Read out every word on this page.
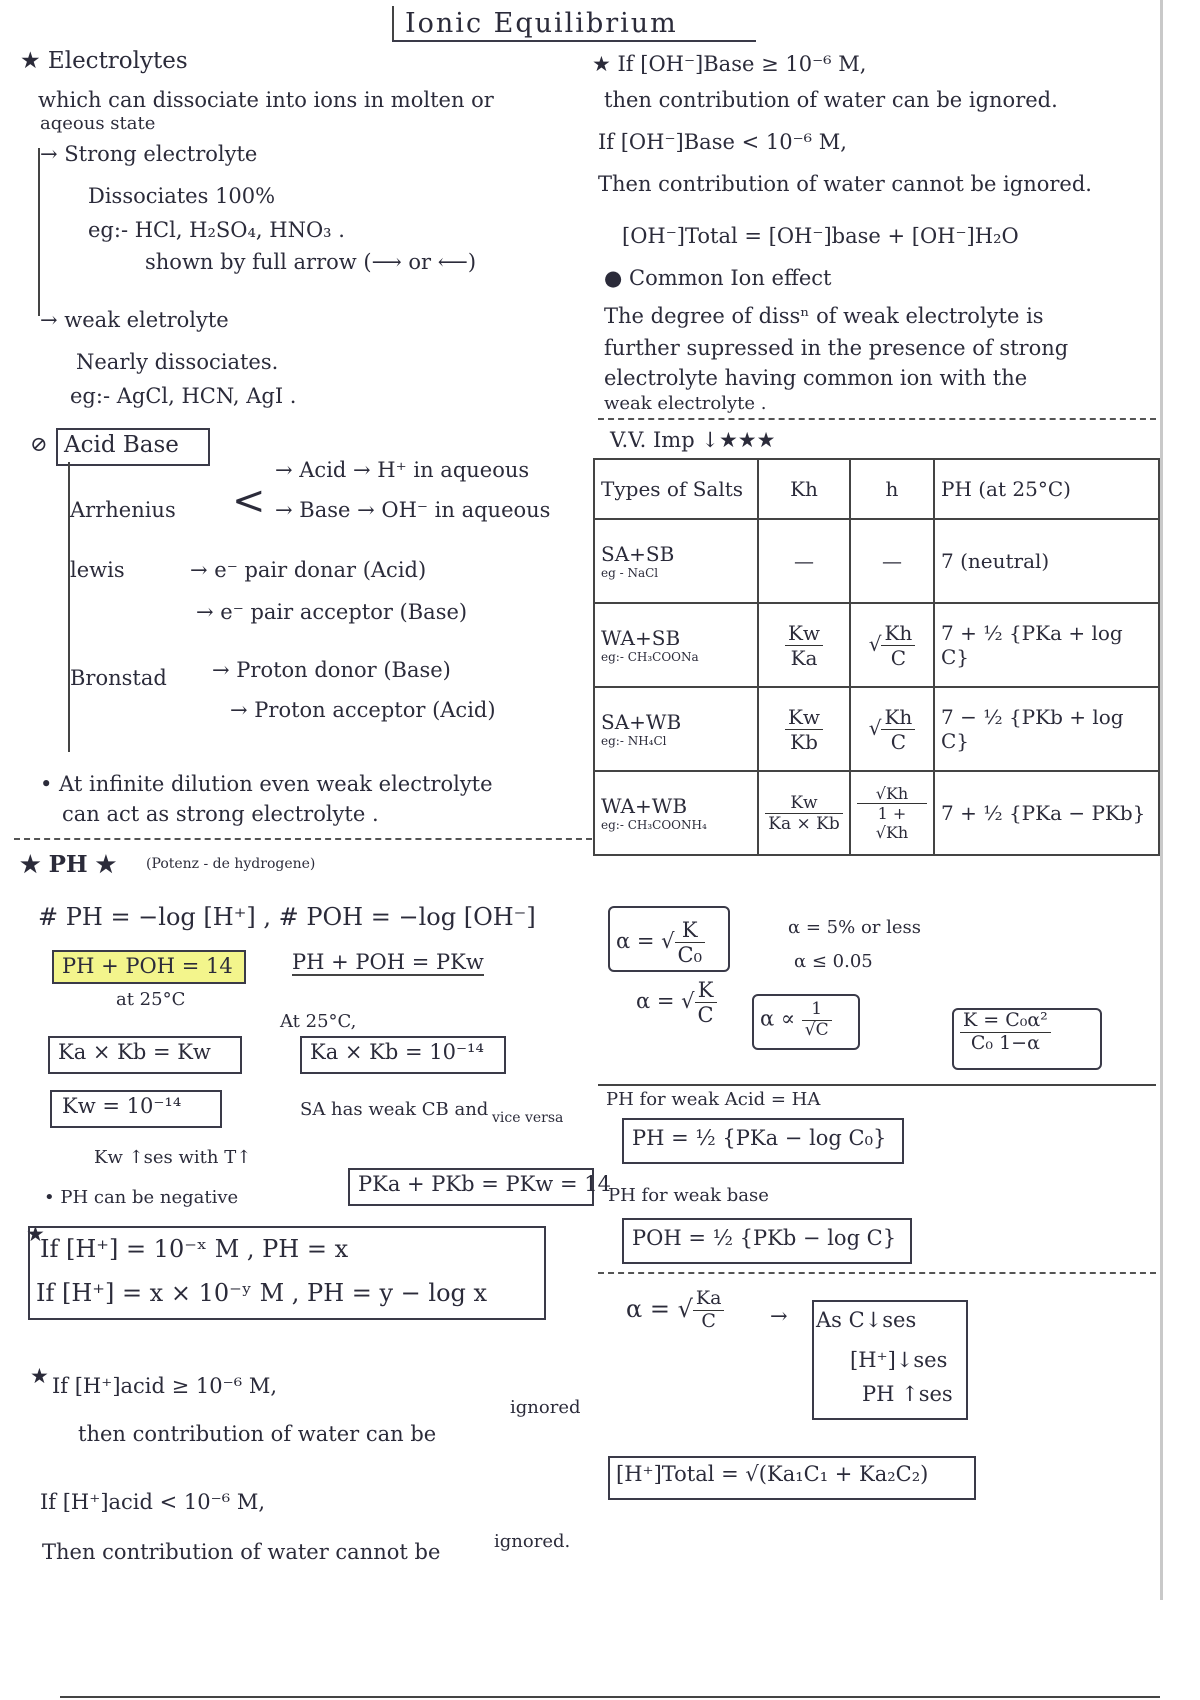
Ionic Equilibrium
★ Electrolytes
which can dissociate into ions in molten or
aqeous state
→ Strong electrolyte
Dissociates 100%
eg:- HCl, H₂SO₄, HNO₃ .
shown by full arrow (⟶ or ⟵)
→ weak eletrolyte
Nearly dissociates.
eg:- AgCl, HCN, AgI .
⊘ Acid Base
Arrhenius <
→ Acid → H⁺ in aqueous
→ Base → OH⁻ in aqueous
lewis	→ e⁻ pair donar (Acid)
→ e⁻ pair acceptor (Base)
Bronstad → Proton donor (Base)
→ Proton acceptor (Acid)
• At infinite dilution even weak electrolyte
can act as strong electrolyte .
★ PH ★ (Potenz - de hydrogene)
# PH = −log [H⁺] , # POH = −log [OH⁻]
PH + POH = 14
at 25°C
PH + POH = PKw
Ka × Kb = Kw
At 25°C,
Ka × Kb = 10⁻¹⁴
Kw = 10⁻¹⁴	SA has weak CB and vice versa
Kw ↑ses with T↑
• PH can be negative
PKa + PKb = PKw = 14
★
If [H⁺] = 10⁻ˣ M , PH = x
If [H⁺] = x × 10⁻ʸ M , PH = y − log x
★ If [H⁺]acid ≥ 10⁻⁶ M,
then contribution of water can be
ignored
If [H⁺]acid < 10⁻⁶ M,
Then contribution of water cannot be	ignored.
★ If [OH⁻]Base ≥ 10⁻⁶ M,
then contribution of water can be ignored.
If [OH⁻]Base < 10⁻⁶ M,
Then contribution of water cannot be ignored.
[OH⁻]Total = [OH⁻]base + [OH⁻]H₂O
● Common Ion effect
The degree of dissⁿ of weak electrolyte is
further supressed in the presence of strong
electrolyte having common ion with the
weak electrolyte .
V.V. Imp ↓★★★
Types of Salts	Kh	h	PH (at 25°C)
SA+SB
eg - NaCl	—	—	7 (neutral)
WA+SB
eg:- CH₃COONa	$\frac{Kw}{Ka}$	√ $\frac{Kh}{C}$	7 + ½ {PKa + log C}
SA+WB
eg:- NH₄Cl	$\frac{Kw}{Kb}$	√ $\frac{Kh}{C}$	7 − ½ {PKb + log C}
WA+WB
eg:- CH₃COONH₄	$\frac{Kw}{Ka \times Kb}$	$\frac{√Kh}{1 + √Kh}$	7 + ½ {PKa − PKb}
α = √ $\frac{K}{\text{C₀}}$
α = √ $\frac{K}{C}$
α = 5% or less
α ≤ 0.05
$\alpha \propto \frac{1}{√C}$	$\frac{\text{K = C₀α²}}{\text{C₀ 1−α}}$
PH for weak Acid = HA
PH = ½ {PKa − log C₀}
PH for weak base
POH = ½ {PKb − log C}
α = √ $\frac{Ka}{C} \to As$ C↓ses
[H⁺]↓ses
PH ↑ses
[H⁺]Total = √(Ka₁C₁ + Ka₂C₂)
